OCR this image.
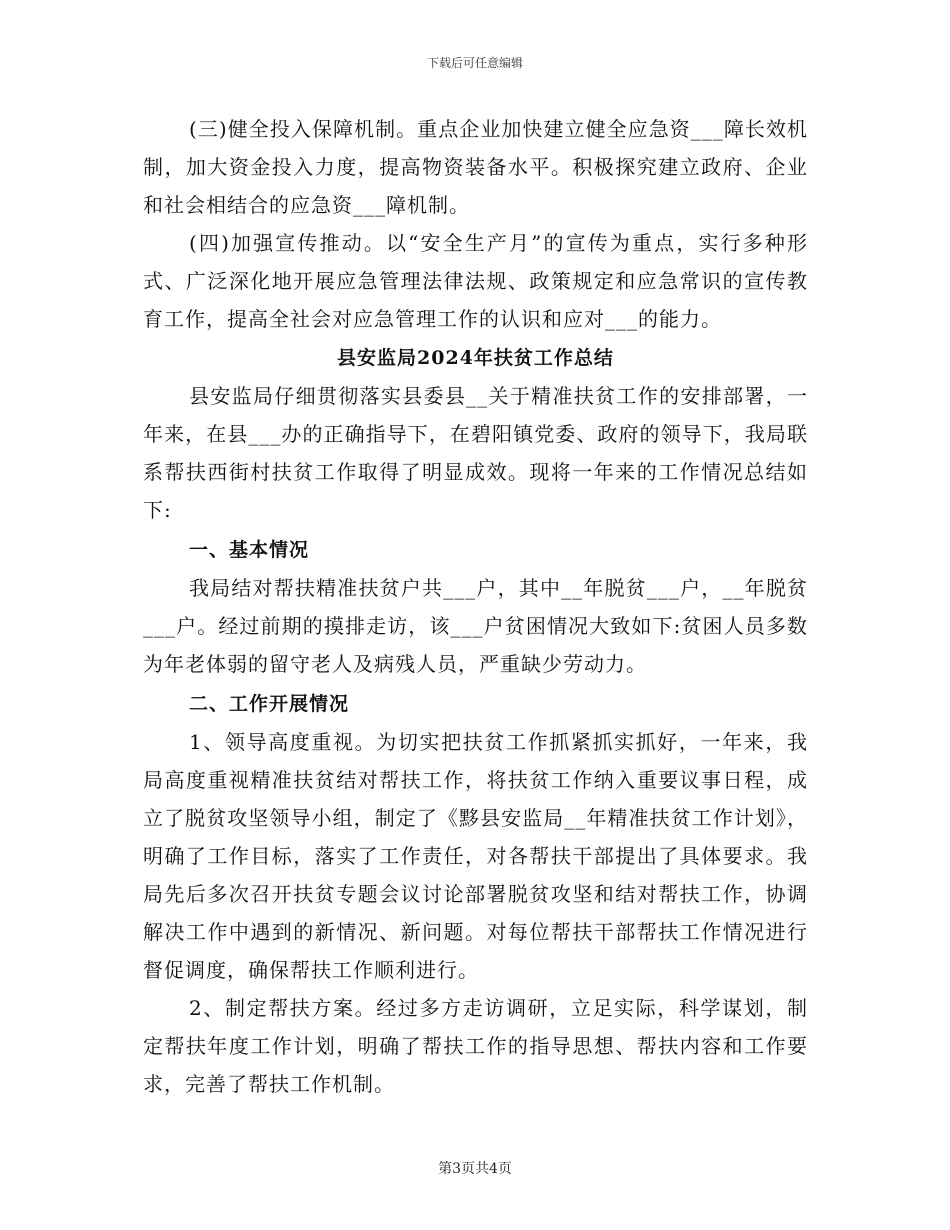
下载后可任意编辑

(三)健全投入保障机制。重点企业加快建立健全应急资___障长效机制，加大资金投入力度，提高物资装备水平。积极探究建立政府、企业和社会相结合的应急资___障机制。

(四)加强宣传推动。以“安全生产月”的宣传为重点，实行多种形式、广泛深化地开展应急管理法律法规、政策规定和应急常识的宣传教育工作，提高全社会对应急管理工作的认识和应对___的能力。

县安监局2024年扶贫工作总结

县安监局仔细贯彻落实县委县__关于精准扶贫工作的安排部署，一年来，在县___办的正确指导下，在碧阳镇党委、政府的领导下，我局联系帮扶西街村扶贫工作取得了明显成效。现将一年来的工作情况总结如下:

一、基本情况

我局结对帮扶精准扶贫户共___户，其中__年脱贫___户，__年脱贫___户。经过前期的摸排走访，该___户贫困情况大致如下:贫困人员多数为年老体弱的留守老人及病残人员，严重缺少劳动力。

二、工作开展情况

1、领导高度重视。为切实把扶贫工作抓紧抓实抓好，一年来，我局高度重视精准扶贫结对帮扶工作，将扶贫工作纳入重要议事日程，成立了脱贫攻坚领导小组，制定了《黟县安监局__年精准扶贫工作计划》，明确了工作目标，落实了工作责任，对各帮扶干部提出了具体要求。我局先后多次召开扶贫专题会议讨论部署脱贫攻坚和结对帮扶工作，协调解决工作中遇到的新情况、新问题。对每位帮扶干部帮扶工作情况进行督促调度，确保帮扶工作顺利进行。

2、制定帮扶方案。经过多方走访调研，立足实际，科学谋划，制定帮扶年度工作计划，明确了帮扶工作的指导思想、帮扶内容和工作要求，完善了帮扶工作机制。

第3页共4页
